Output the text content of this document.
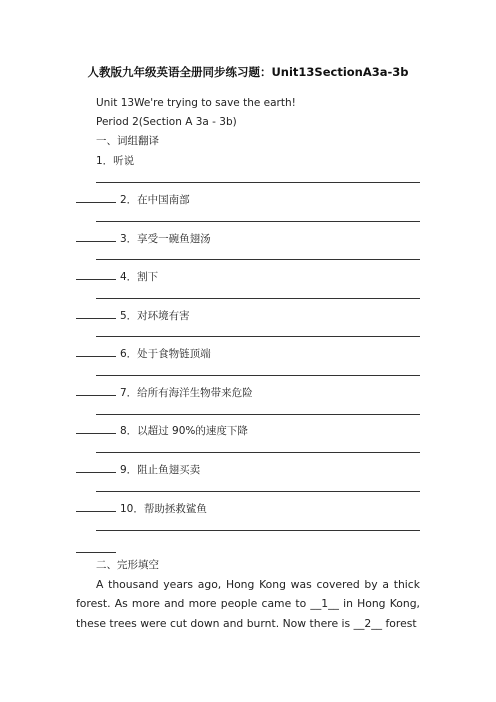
人教版九年级英语全册同步练习题：Unit13SectionA3a-3b
Unit 13We're trying to save the earth!
Period 2(Section A 3a - 3b)
一、词组翻译
1．听说
2．在中国南部
3．享受一碗鱼翅汤
4．割下
5．对环境有害
6．处于食物链顶端
7．给所有海洋生物带来危险
8．以超过 90%的速度下降
9．阻止鱼翅买卖
10．帮助拯救鲨鱼
二、完形填空
A thousand years ago, Hong Kong was covered by a thick forest. As more and more people came to __1__ in Hong Kong, these trees were cut down and burnt. Now there is __2__ forest
